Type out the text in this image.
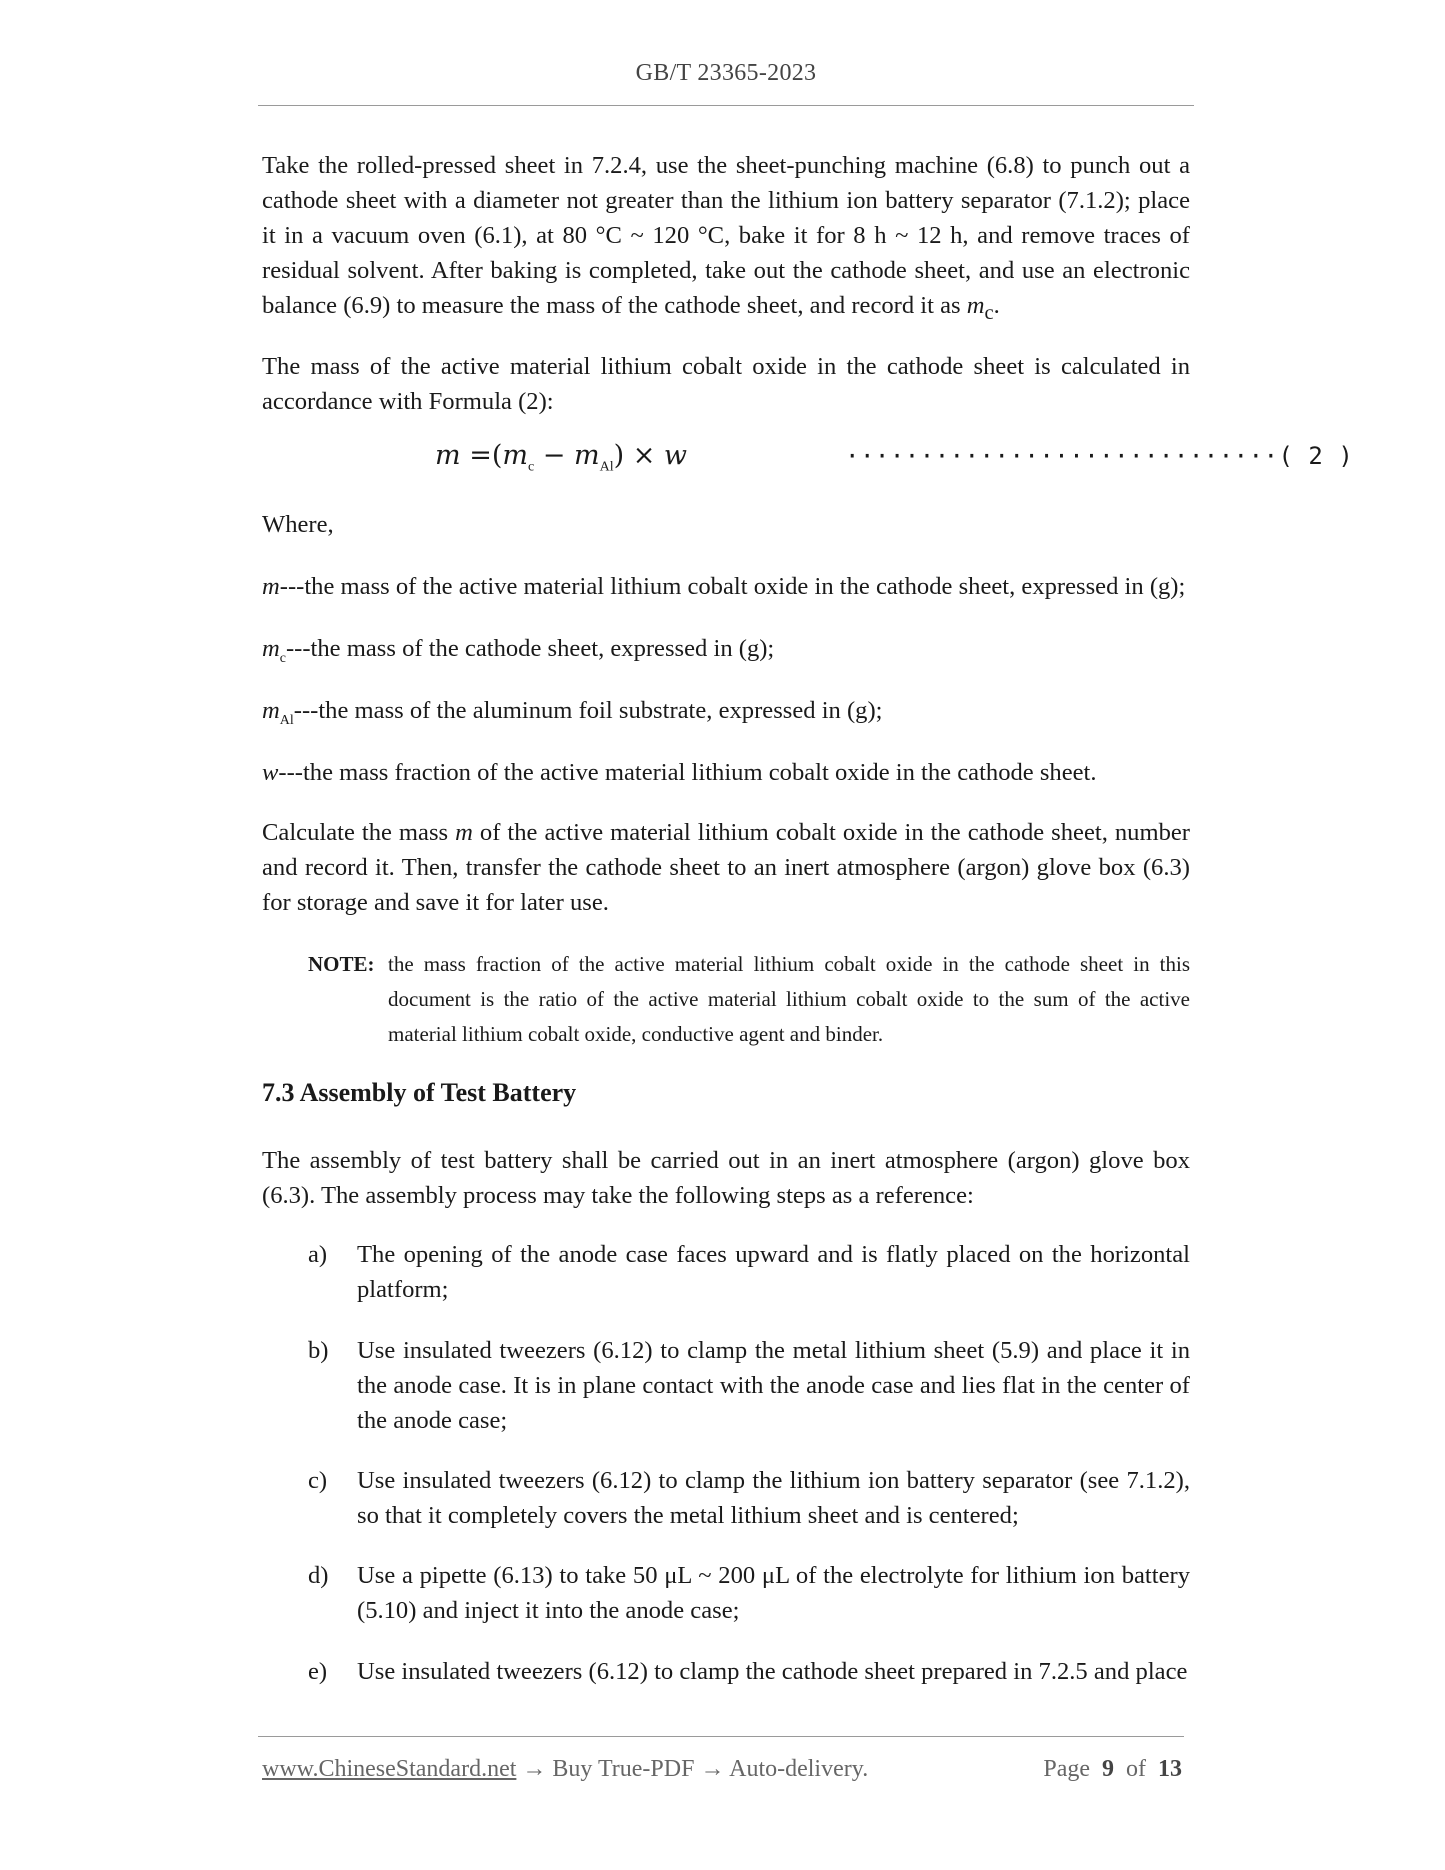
GB/T 23365-2023
Take the rolled-pressed sheet in 7.2.4, use the sheet-punching machine (6.8) to punch out a cathode sheet with a diameter not greater than the lithium ion battery separator (7.1.2); place it in a vacuum oven (6.1), at 80 °C ~ 120 °C, bake it for 8 h ~ 12 h, and remove traces of residual solvent. After baking is completed, take out the cathode sheet, and use an electronic balance (6.9) to measure the mass of the cathode sheet, and record it as $m_c$.
The mass of the active material lithium cobalt oxide in the cathode sheet is calculated in accordance with Formula (2):
$m =(m_c - m_{Al}) \times w$	·····························( 2 )
Where,
m---the mass of the active material lithium cobalt oxide in the cathode sheet, expressed in (g);
$m_c--$-the mass of the cathode sheet, expressed in (g);
$m_{Al}--$-the mass of the aluminum foil substrate, expressed in (g);
w---the mass fraction of the active material lithium cobalt oxide in the cathode sheet.
Calculate the mass m of the active material lithium cobalt oxide in the cathode sheet, number and record it. Then, transfer the cathode sheet to an inert atmosphere (argon) glove box (6.3) for storage and save it for later use.
NOTE: the mass fraction of the active material lithium cobalt oxide in the cathode sheet in this document is the ratio of the active material lithium cobalt oxide to the sum of the active material lithium cobalt oxide, conductive agent and binder.
7.3 Assembly of Test Battery
The assembly of test battery shall be carried out in an inert atmosphere (argon) glove box (6.3). The assembly process may take the following steps as a reference:
a) The opening of the anode case faces upward and is flatly placed on the horizontal platform;
b) Use insulated tweezers (6.12) to clamp the metal lithium sheet (5.9) and place it in the anode case. It is in plane contact with the anode case and lies flat in the center of the anode case;
c) Use insulated tweezers (6.12) to clamp the lithium ion battery separator (see 7.1.2), so that it completely covers the metal lithium sheet and is centered;
d) Use a pipette (6.13) to take 50 μL ~ 200 μL of the electrolyte for lithium ion battery (5.10) and inject it into the anode case;
e) Use insulated tweezers (6.12) to clamp the cathode sheet prepared in 7.2.5 and place
www.ChineseStandard.net → Buy True-PDF → Auto-delivery.	Page 9 of 13
